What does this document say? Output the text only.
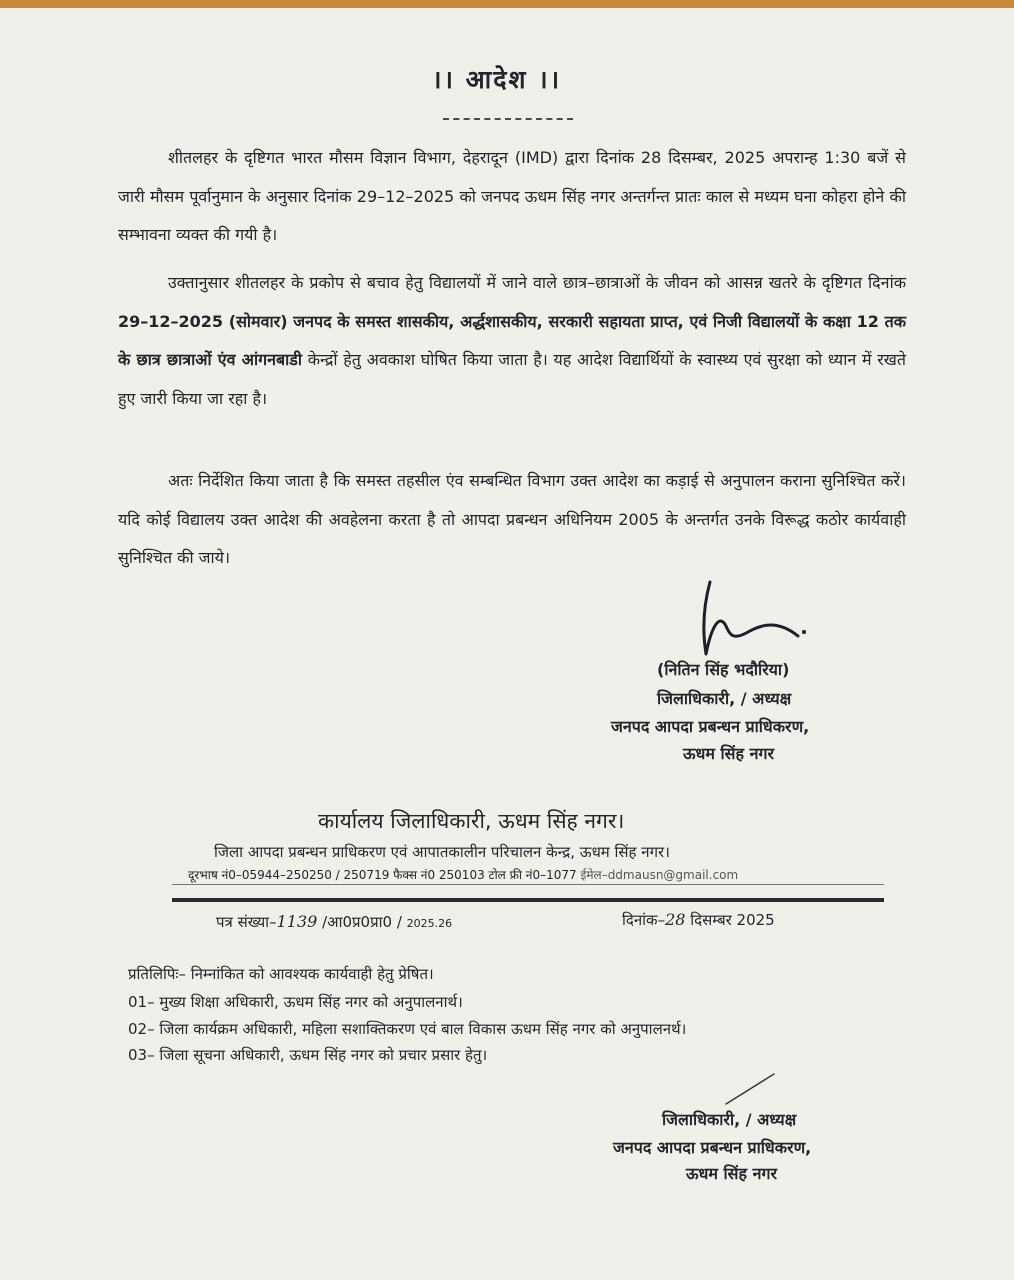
।। आदेश ।।
शीतलहर के दृष्टिगत भारत मौसम विज्ञान विभाग, देहरादून (IMD) द्वारा दिनांक 28 दिसम्बर, 2025 अपरान्ह 1:30 बजें से जारी मौसम पूर्वानुमान के अनुसार दिनांक 29–12–2025 को जनपद ऊधम सिंह नगर अन्तर्गन्त प्रातः काल से मध्यम घना कोहरा होने की सम्भावना व्यक्त की गयी है।
उक्तानुसार शीतलहर के प्रकोप से बचाव हेतु विद्यालयों में जाने वाले छात्र–छात्राओं के जीवन को आसन्न खतरे के दृष्टिगत दिनांक 29–12–2025 (सोमवार) जनपद के समस्त शासकीय, अर्द्धशासकीय, सरकारी सहायता प्राप्त, एवं निजी विद्यालयों के कक्षा 12 तक के छात्र छात्राओं एंव आंगनबाडी केन्द्रों हेतु अवकाश घोषित किया जाता है। यह आदेश विद्यार्थियों के स्वास्थ्य एवं सुरक्षा को ध्यान में रखते हुए जारी किया जा रहा है।
अतः निर्देशित किया जाता है कि समस्त तहसील एंव सम्बन्धित विभाग उक्त आदेश का कड़ाई से अनुपालन कराना सुनिश्चित करें। यदि कोई विद्यालय उक्त आदेश की अवहेलना करता है तो आपदा प्रबन्धन अधिनियम 2005 के अन्तर्गत उनके विरूद्ध कठोर कार्यवाही सुनिश्चित की जाये।
(नितिन सिंह भदौरिया)
जिलाधिकारी, / अध्यक्ष
जनपद आपदा प्रबन्धन प्राधिकरण,
ऊधम सिंह नगर
कार्यालय जिलाधिकारी, ऊधम सिंह नगर।
जिला आपदा प्रबन्धन प्राधिकरण एवं आपातकालीन परिचालन केन्द्र, ऊधम सिंह नगर।
दूरभाष नं0–05944–250250 / 250719 फैक्स नं0 250103 टोल फ्री नं0–1077 ईमेल–ddmausn@gmail.com
पत्र संख्या–1139 /आ0प्र0प्रा0 / 2025.26	दिनांक–28 दिसम्बर 2025
प्रतिलिपिः– निम्नांकित को आवश्यक कार्यवाही हेतु प्रेषित।
01– मुख्य शिक्षा अधिकारी, ऊधम सिंह नगर को अनुपालनार्थ।
02– जिला कार्यक्रम अधिकारी, महिला सशाक्तिकरण एवं बाल विकास ऊधम सिंह नगर को अनुपालनर्थ।
03– जिला सूचना अधिकारी, ऊधम सिंह नगर को प्रचार प्रसार हेतु।
जिलाधिकारी, / अध्यक्ष
जनपद आपदा प्रबन्धन प्राधिकरण,
ऊधम सिंह नगर
